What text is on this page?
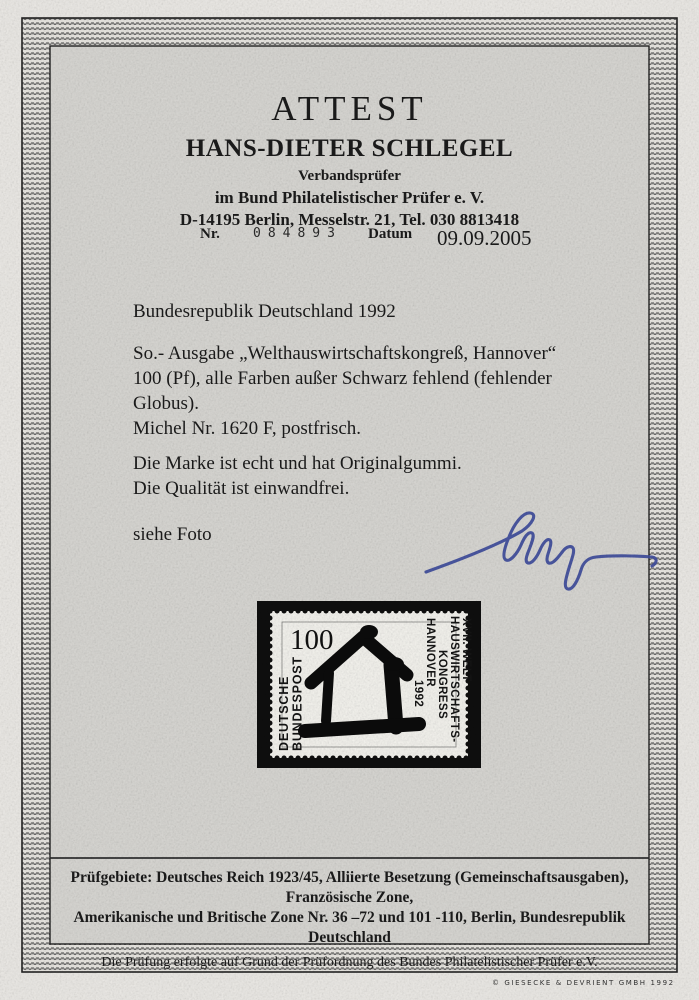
ATTEST
HANS-DIETER SCHLEGEL
Verbandsprüfer
im Bund Philatelistischer Prüfer e. V.
D-14195 Berlin, Messelstr. 21, Tel. 030 8813418
Nr.	084893 Datum 09.09.2005

Bundesrepublik Deutschland 1992

So.- Ausgabe „Welthauswirtschaftskongreß, Hannover“

100 (Pf), alle Farben außer Schwarz fehlend (fehlender Globus).

Michel Nr. 1620 F, postfrisch.

Die Marke ist echt und hat Originalgummi.

Die Qualität ist einwandfrei.

siehe Foto

100
DEUTSCHE BUNDESPOST
XVII. WELT HAUSWIRTSCHAFTS- KONGRESS HANNOVER 1992
Prüfgebiete: Deutsches Reich 1923/45, Alliierte Besetzung (Gemeinschaftsausgaben), Französische Zone,
Amerikanische und Britische Zone Nr. 36 –72 und 101 -110, Berlin, Bundesrepublik Deutschland
Die Prüfung erfolgte auf Grund der Prüfordnung des Bundes Philatelistischer Prüfer e.V.
© GIESECKE & DEVRIENT GMBH 1992
